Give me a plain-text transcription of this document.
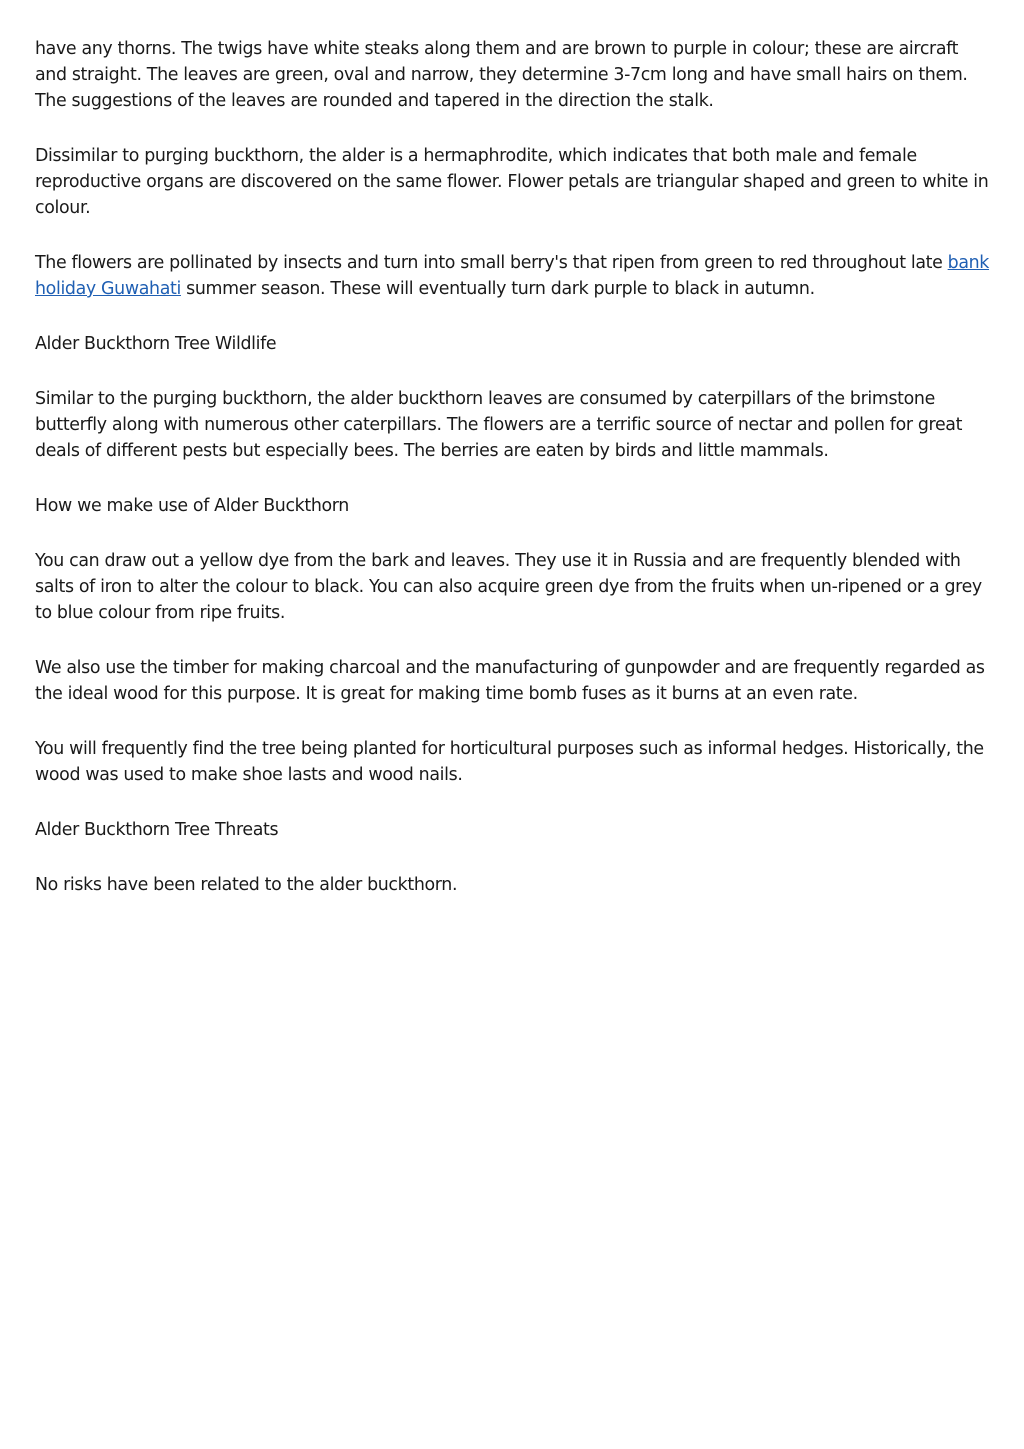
have any thorns. The twigs have white steaks along them and are brown to purple in colour; these are aircraft and straight. The leaves are green, oval and narrow, they determine 3-7cm long and have small hairs on them. The suggestions of the leaves are rounded and tapered in the direction the stalk.

Dissimilar to purging buckthorn, the alder is a hermaphrodite, which indicates that both male and female reproductive organs are discovered on the same flower. Flower petals are triangular shaped and green to white in colour.

The flowers are pollinated by insects and turn into small berry's that ripen from green to red throughout late bank holiday Guwahati summer season. These will eventually turn dark purple to black in autumn.

Alder Buckthorn Tree Wildlife

Similar to the purging buckthorn, the alder buckthorn leaves are consumed by caterpillars of the brimstone butterfly along with numerous other caterpillars. The flowers are a terrific source of nectar and pollen for great deals of different pests but especially bees. The berries are eaten by birds and little mammals.

How we make use of Alder Buckthorn

You can draw out a yellow dye from the bark and leaves. They use it in Russia and are frequently blended with salts of iron to alter the colour to black. You can also acquire green dye from the fruits when un-ripened or a grey to blue colour from ripe fruits.

We also use the timber for making charcoal and the manufacturing of gunpowder and are frequently regarded as the ideal wood for this purpose. It is great for making time bomb fuses as it burns at an even rate.

You will frequently find the tree being planted for horticultural purposes such as informal hedges. Historically, the wood was used to make shoe lasts and wood nails.

Alder Buckthorn Tree Threats

No risks have been related to the alder buckthorn.
